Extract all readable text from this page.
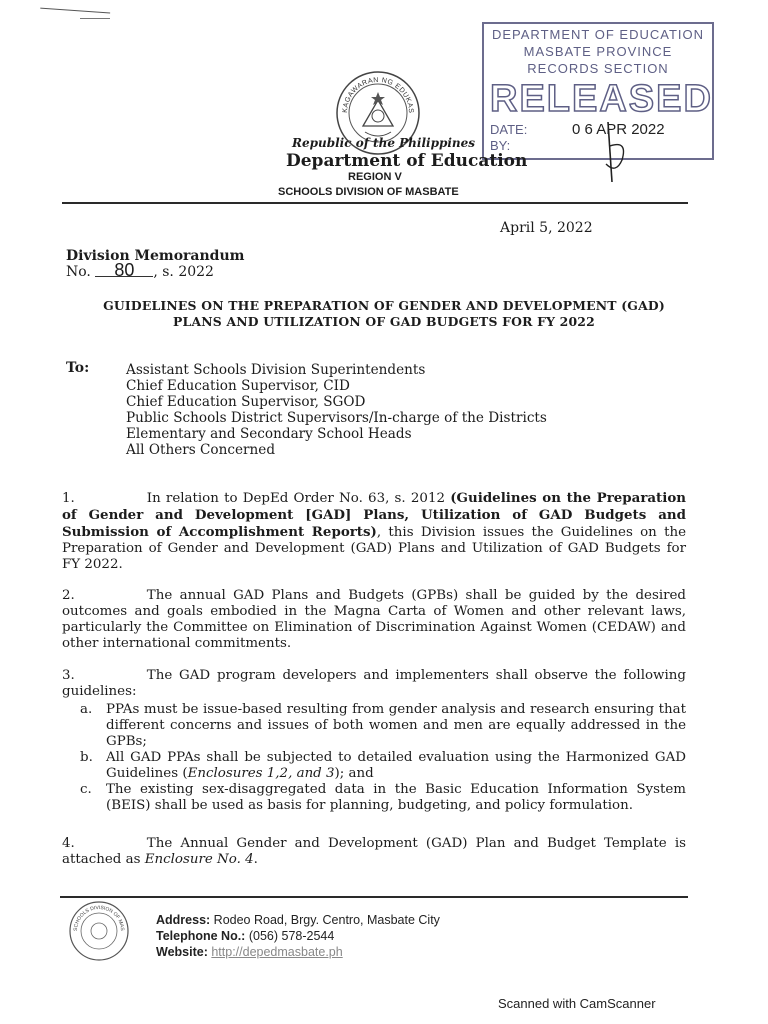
KAGAWARAN NG EDUKAS
DEPARTMENT OF EDUCATION
MASBATE PROVINCE
RECORDS SECTION
RELEASED
DATE:	0 6 APR 2022
BY:
Republic of the Philippines
Department of Education
REGION V
SCHOOLS DIVISION OF MASBATE
April 5, 2022
Division Memorandum
No. 80 , s. 2022
GUIDELINES ON THE PREPARATION OF GENDER AND DEVELOPMENT (GAD)
PLANS AND UTILIZATION OF GAD BUDGETS FOR FY 2022
To:	Assistant Schools Division Superintendents
Chief Education Supervisor, CID
Chief Education Supervisor, SGOD
Public Schools District Supervisors/In-charge of the Districts
Elementary and Secondary School Heads
All Others Concerned
1.	In relation to DepEd Order No. 63, s. 2012 (Guidelines on the Preparation of Gender and Development [GAD] Plans, Utilization of GAD Budgets and Submission of Accomplishment Reports), this Division issues the Guidelines on the Preparation of Gender and Development (GAD) Plans and Utilization of GAD Budgets for FY 2022.
2.	The annual GAD Plans and Budgets (GPBs) shall be guided by the desired outcomes and goals embodied in the Magna Carta of Women and other relevant laws, particularly the Committee on Elimination of Discrimination Against Women (CEDAW) and other international commitments.
3.	The GAD program developers and implementers shall observe the following guidelines:
a. PPAs must be issue-based resulting from gender analysis and research ensuring that different concerns and issues of both women and men are equally addressed in the GPBs;
b. All GAD PPAs shall be subjected to detailed evaluation using the Harmonized GAD Guidelines (Enclosures 1,2, and 3); and
c. The existing sex-disaggregated data in the Basic Education Information System (BEIS) shall be used as basis for planning, budgeting, and policy formulation.
4.	The Annual Gender and Development (GAD) Plan and Budget Template is attached as Enclosure No. 4.
SCHOOLS DIVISION OF MAS
Address: Rodeo Road, Brgy. Centro, Masbate City
Telephone No.: (056) 578-2544
Website: http://depedmasbate.ph
Scanned with CamScanner
